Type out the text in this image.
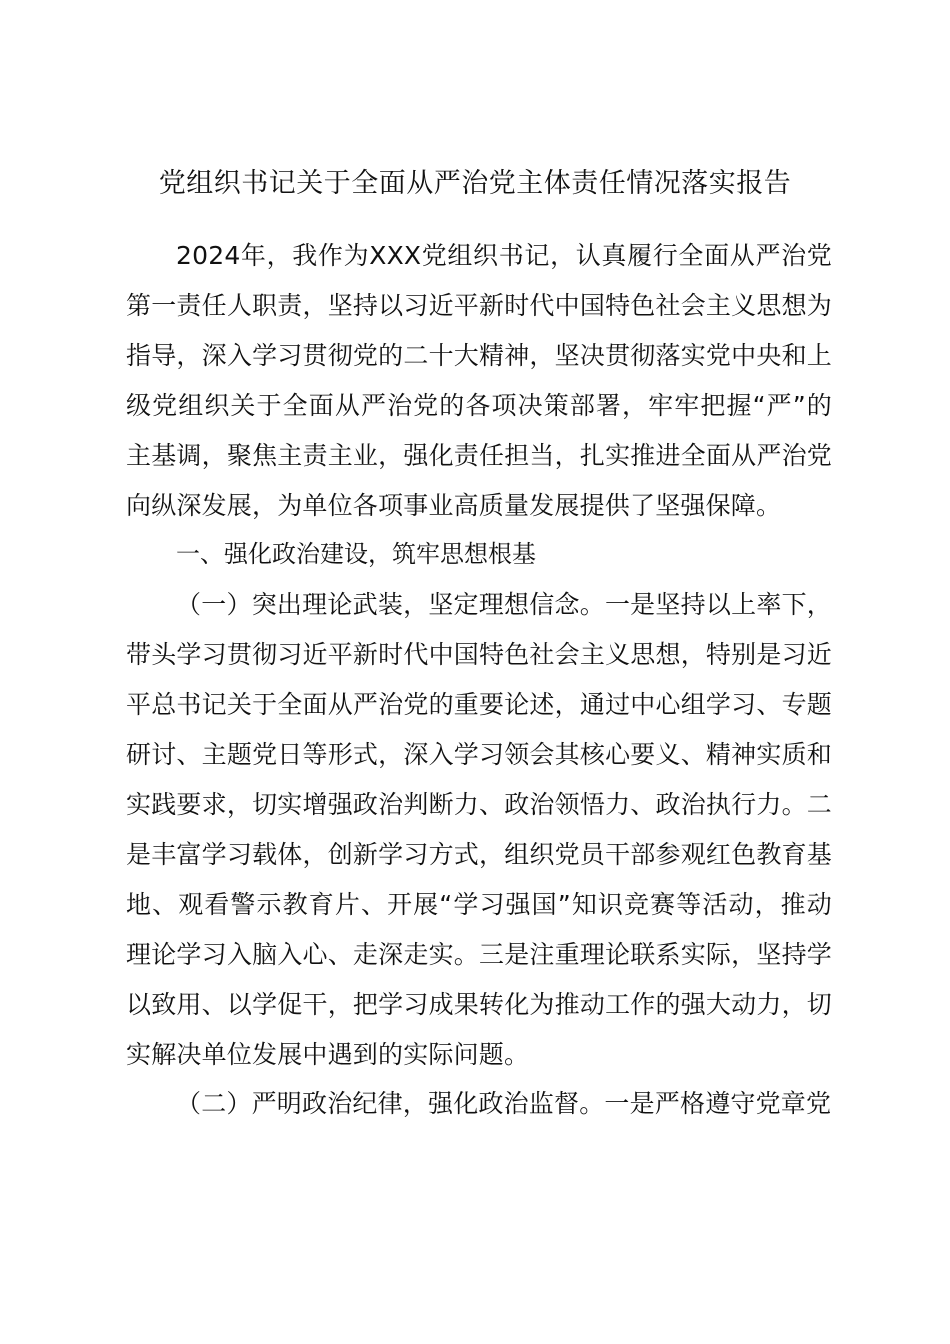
党组织书记关于全面从严治党主体责任情况落实报告

2024年，我作为XXX党组织书记，认真履行全面从严治党第一责任人职责，坚持以习近平新时代中国特色社会主义思想为指导，深入学习贯彻党的二十大精神，坚决贯彻落实党中央和上级党组织关于全面从严治党的各项决策部署，牢牢把握“严”的主基调，聚焦主责主业，强化责任担当，扎实推进全面从严治党向纵深发展，为单位各项事业高质量发展提供了坚强保障。

一、强化政治建设，筑牢思想根基

（一）突出理论武装，坚定理想信念。一是坚持以上率下，带头学习贯彻习近平新时代中国特色社会主义思想，特别是习近平总书记关于全面从严治党的重要论述，通过中心组学习、专题研讨、主题党日等形式，深入学习领会其核心要义、精神实质和实践要求，切实增强政治判断力、政治领悟力、政治执行力。二是丰富学习载体，创新学习方式，组织党员干部参观红色教育基地、观看警示教育片、开展“学习强国”知识竞赛等活动，推动理论学习入脑入心、走深走实。三是注重理论联系实际，坚持学以致用、以学促干，把学习成果转化为推动工作的强大动力，切实解决单位发展中遇到的实际问题。

（二）严明政治纪律，强化政治监督。一是严格遵守党章党
